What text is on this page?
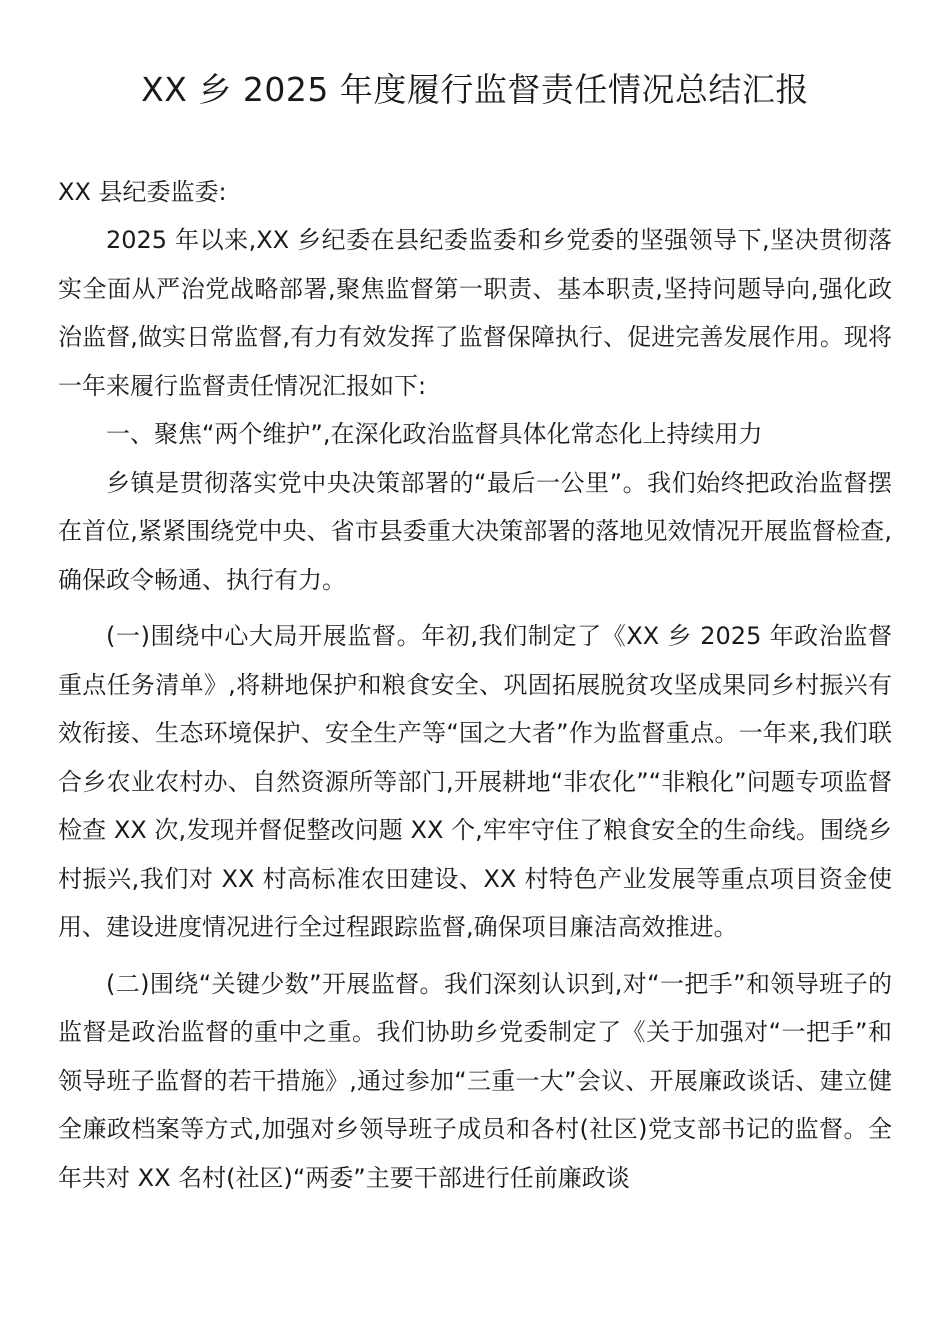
XX 乡 2025 年度履行监督责任情况总结汇报

XX 县纪委监委:

2025 年以来,XX 乡纪委在县纪委监委和乡党委的坚强领导下,坚决贯彻落实全面从严治党战略部署,聚焦监督第一职责、基本职责,坚持问题导向,强化政治监督,做实日常监督,有力有效发挥了监督保障执行、促进完善发展作用。现将一年来履行监督责任情况汇报如下:

一、聚焦“两个维护”,在深化政治监督具体化常态化上持续用力

乡镇是贯彻落实党中央决策部署的“最后一公里”。我们始终把政治监督摆在首位,紧紧围绕党中央、省市县委重大决策部署的落地见效情况开展监督检查,确保政令畅通、执行有力。

(一)围绕中心大局开展监督。年初,我们制定了《XX 乡 2025 年政治监督重点任务清单》,将耕地保护和粮食安全、巩固拓展脱贫攻坚成果同乡村振兴有效衔接、生态环境保护、安全生产等“国之大者”作为监督重点。一年来,我们联合乡农业农村办、自然资源所等部门,开展耕地“非农化”“非粮化”问题专项监督检查 XX 次,发现并督促整改问题 XX 个,牢牢守住了粮食安全的生命线。围绕乡村振兴,我们对 XX 村高标准农田建设、XX 村特色产业发展等重点项目资金使用、建设进度情况进行全过程跟踪监督,确保项目廉洁高效推进。

(二)围绕“关键少数”开展监督。我们深刻认识到,对“一把手”和领导班子的监督是政治监督的重中之重。我们协助乡党委制定了《关于加强对“一把手”和领导班子监督的若干措施》,通过参加“三重一大”会议、开展廉政谈话、建立健全廉政档案等方式,加强对乡领导班子成员和各村(社区)党支部书记的监督。全年共对 XX 名村(社区)“两委”主要干部进行任前廉政谈
